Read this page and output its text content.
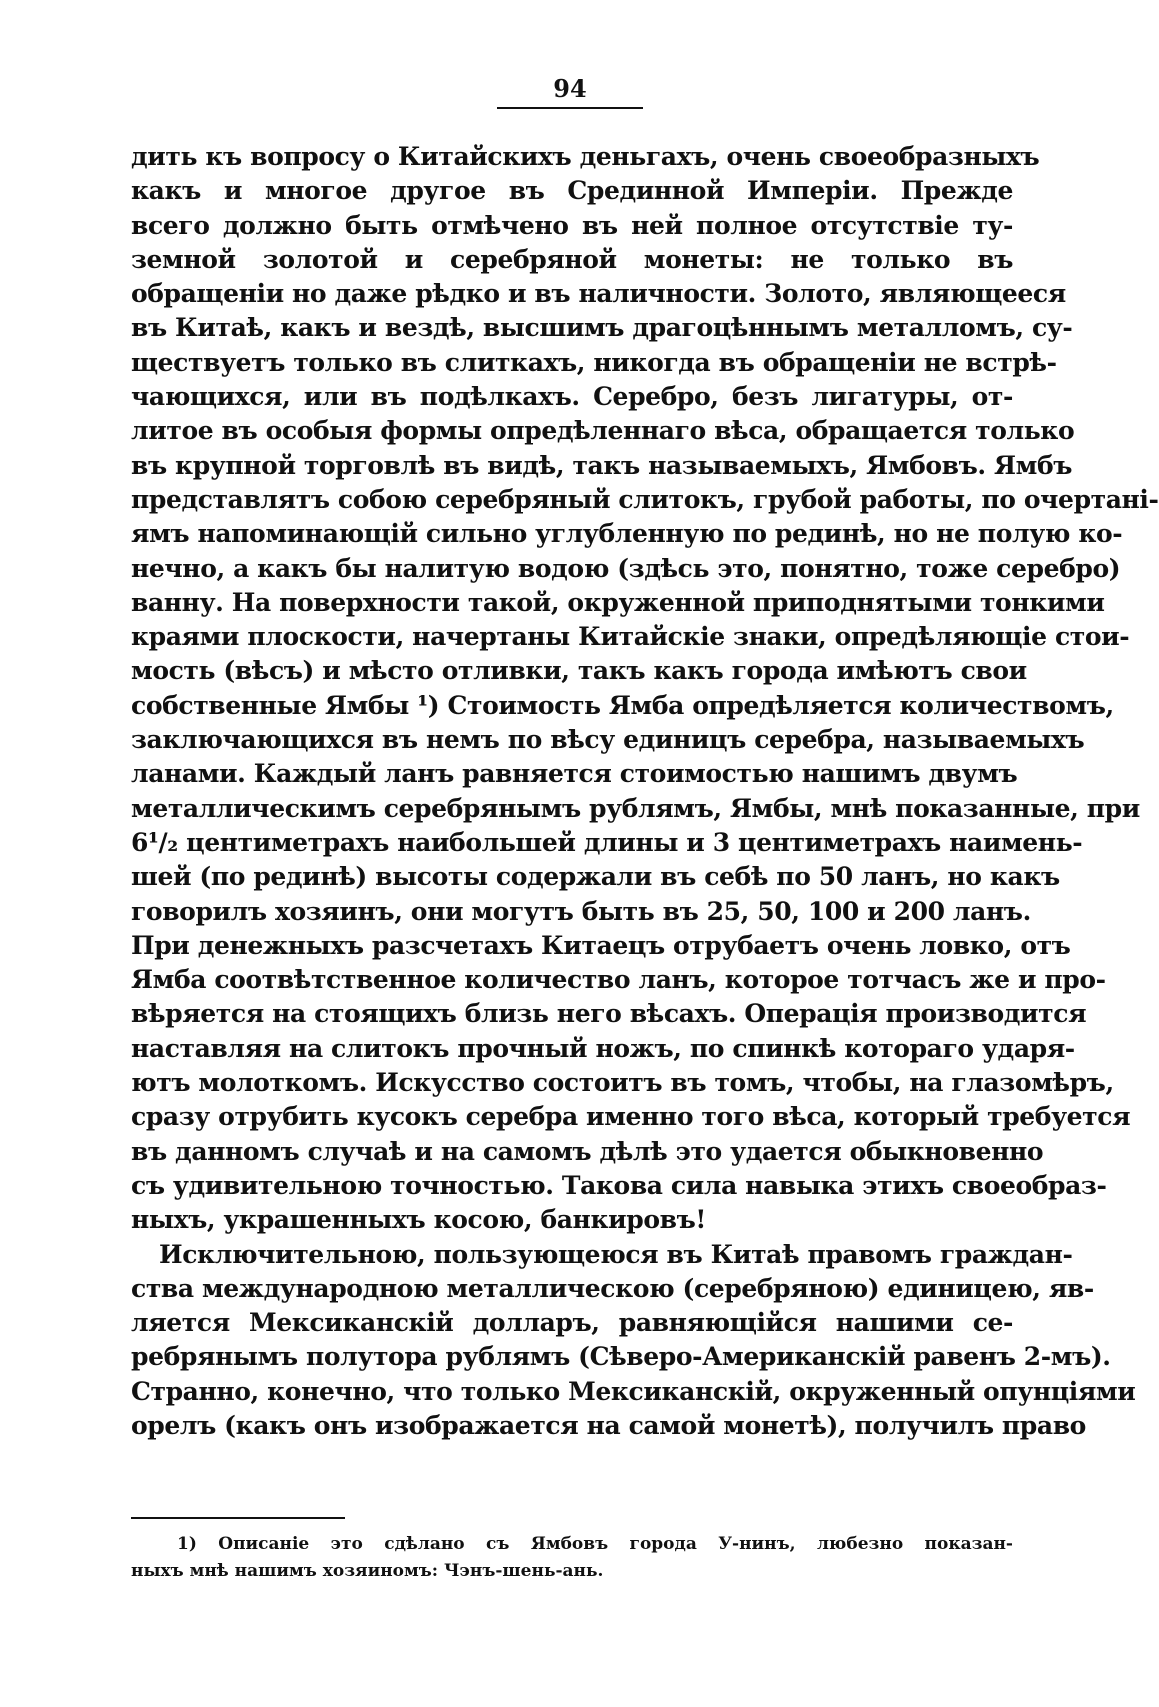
94
дить къ вопросу о Китайскихъ деньгахъ, очень своеобразныхъ
какъ и многое другое въ Срединной Имперіи. Прежде
всего должно быть отмѣчено въ ней полное отсутствіе ту-
земной золотой и серебряной монеты: не только въ
обращеніи но даже рѣдко и въ наличности. Золото, являющееся
въ Китаѣ, какъ и вездѣ, высшимъ драгоцѣннымъ металломъ, су-
ществуетъ только въ слиткахъ, никогда въ обращеніи не встрѣ-
чающихся, или въ подѣлкахъ. Серебро, безъ лигатуры, от-
литое въ особыя формы опредѣленнаго вѣса, обращается только
въ крупной торговлѣ въ видѣ, такъ называемыхъ, Ямбовъ. Ямбъ
представлятъ собою серебряный слитокъ, грубой работы, по очертані-
ямъ напоминающій сильно углубленную по рединѣ, но не полую ко-
нечно, а какъ бы налитую водою (здѣсь это, понятно, тоже серебро)
ванну. На поверхности такой, окруженной приподнятыми тонкими
краями плоскости, начертаны Китайскіе знаки, опредѣляющіе стои-
мость (вѣсъ) и мѣсто отливки, такъ какъ города имѣютъ свои
собственные Ямбы ¹) Стоимость Ямба опредѣляется количествомъ,
заключающихся въ немъ по вѣсу единицъ серебра, называемыхъ
ланами. Каждый ланъ равняется стоимостью нашимъ двумъ
металлическимъ серебрянымъ рублямъ, Ямбы, мнѣ показанные, при
6¹/₂ центиметрахъ наибольшей длины и 3 центиметрахъ наимень-
шей (по рединѣ) высоты содержали въ себѣ по 50 ланъ, но какъ
говорилъ хозяинъ, они могутъ быть въ 25, 50, 100 и 200 ланъ.
При денежныхъ разсчетахъ Китаецъ отрубаетъ очень ловко, отъ
Ямба соотвѣтственное количество ланъ, которое тотчасъ же и про-
вѣряется на стоящихъ близь него вѣсахъ. Операція производится
наставляя на слитокъ прочный ножъ, по спинкѣ котораго ударя-
ютъ молоткомъ. Искусство состоитъ въ томъ, чтобы, на глазомѣръ,
сразу отрубить кусокъ серебра именно того вѣса, который требуется
въ данномъ случаѣ и на самомъ дѣлѣ это удается обыкновенно
съ удивительною точностью. Такова сила навыка этихъ своеобраз-
ныхъ, украшенныхъ косою, банкировъ!
Исключительною, пользующеюся въ Китаѣ правомъ граждан-
ства международною металлическою (серебряною) единицею, яв-
ляется Мексиканскій долларъ, равняющійся нашими се-
ребрянымъ полутора рублямъ (Сѣверо-Американскій равенъ 2-мъ).
Странно, конечно, что только Мексиканскій, окруженный опунціями
орелъ (какъ онъ изображается на самой монетѣ), получилъ право
1) Описаніе это сдѣлано съ Ямбовъ города У-нинъ, любезно показан-
ныхъ мнѣ нашимъ хозяиномъ: Чэнъ-шень-ань.
